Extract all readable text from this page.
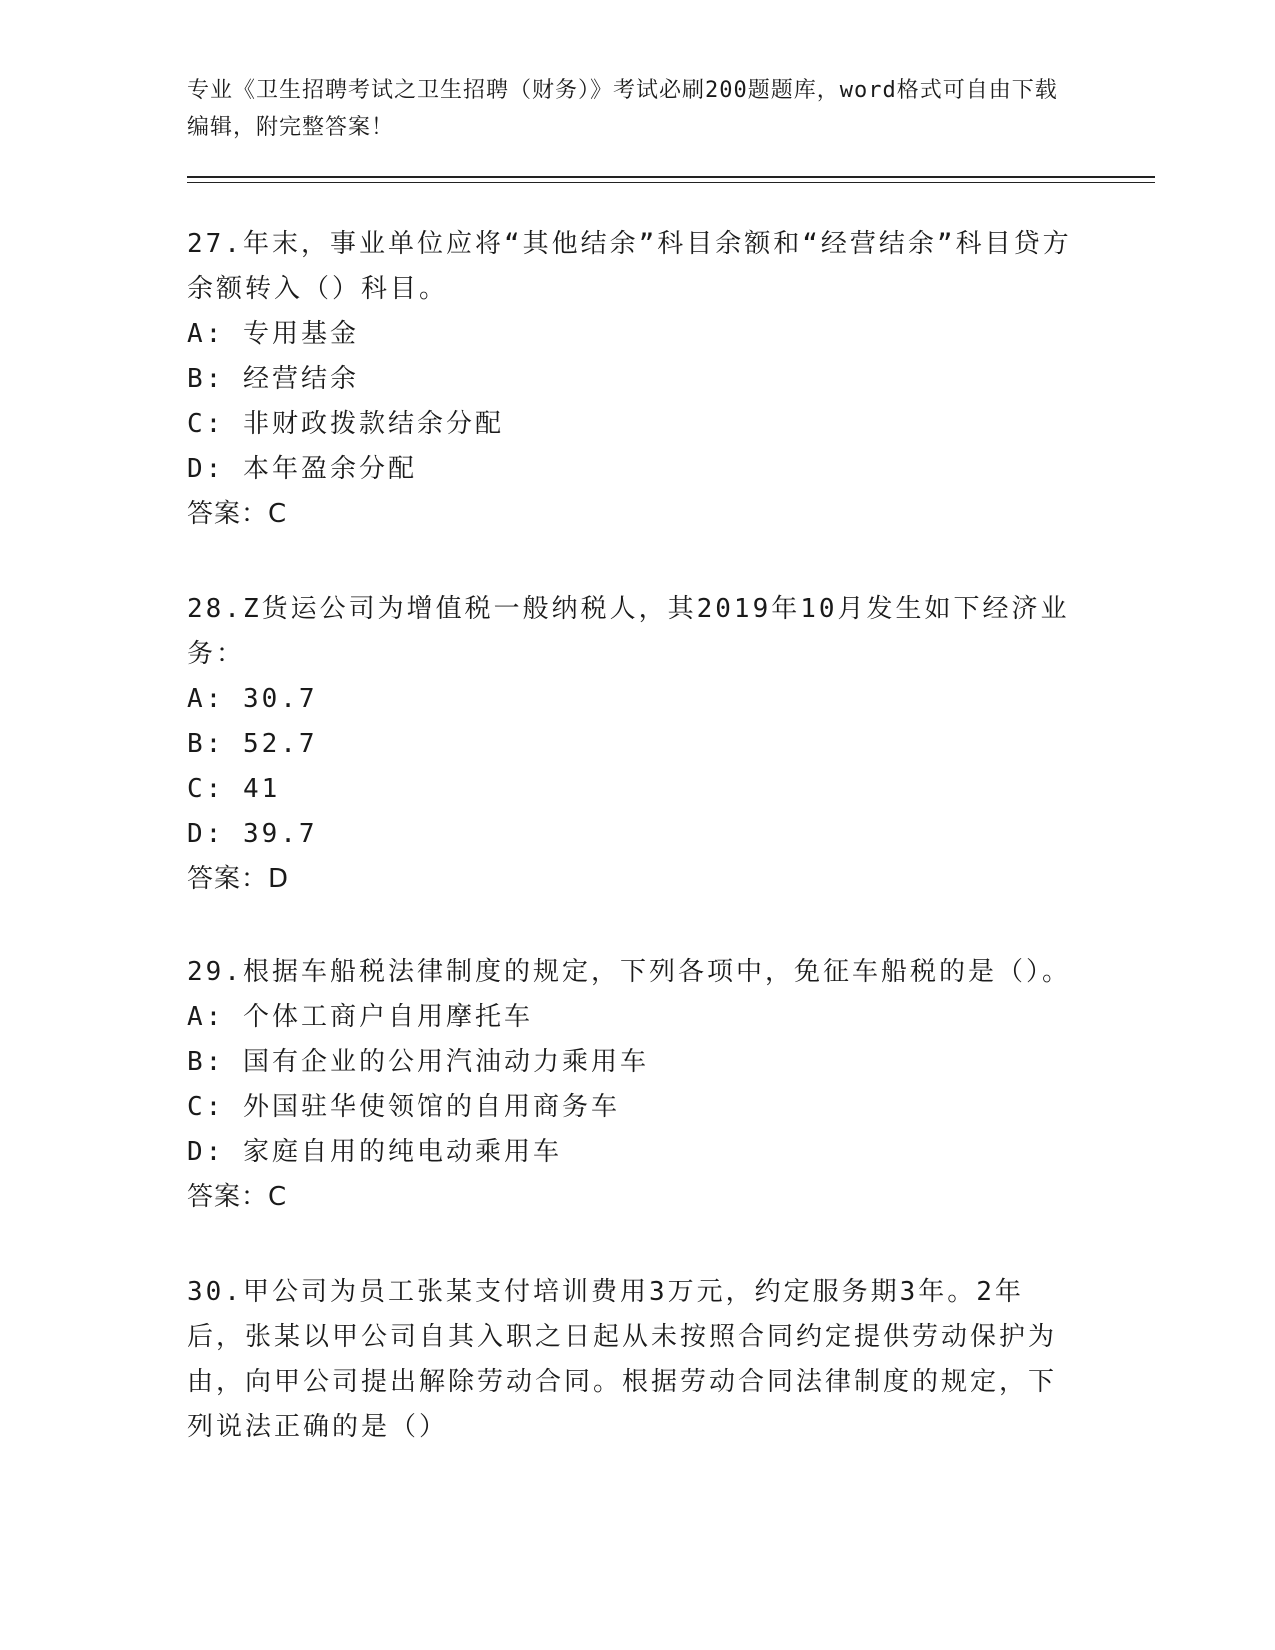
专业《卫生招聘考试之卫生招聘（财务）》考试必刷200题题库，word格式可自由下载编辑，附完整答案！

27.年末，事业单位应将“其他结余”科目余额和“经营结余”科目贷方余额转入（）科目。

A: 专用基金

B: 经营结余

C: 非财政拨款结余分配

D: 本年盈余分配

答案：C

28.Z货运公司为增值税一般纳税人，其2019年10月发生如下经济业务：

A: 30.7

B: 52.7

C: 41

D: 39.7

答案：D

29.根据车船税法律制度的规定，下列各项中，免征车船税的是（）。

A: 个体工商户自用摩托车

B: 国有企业的公用汽油动力乘用车

C: 外国驻华使领馆的自用商务车

D: 家庭自用的纯电动乘用车

答案：C

30.甲公司为员工张某支付培训费用3万元，约定服务期3年。2年后，张某以甲公司自其入职之日起从未按照合同约定提供劳动保护为由，向甲公司提出解除劳动合同。根据劳动合同法律制度的规定，下列说法正确的是（）
